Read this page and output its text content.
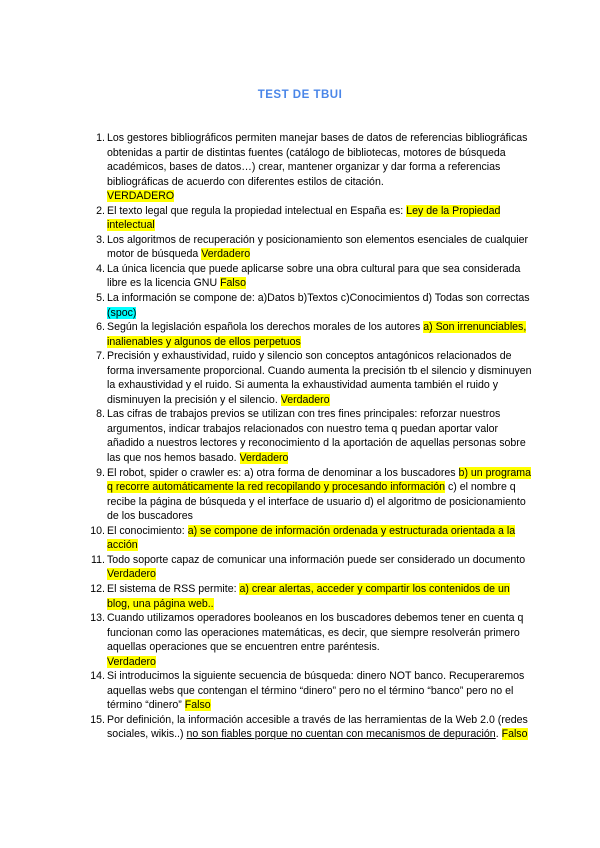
TEST DE TBUI
1. Los gestores bibliográficos permiten manejar bases de datos de referencias bibliográficas obtenidas a partir de distintas fuentes (catálogo de bibliotecas, motores de búsqueda académicos, bases de datos…) crear, mantener organizar y dar forma a referencias bibliográficas de acuerdo con diferentes estilos de citación.
VERDADERO
2. El texto legal que regula la propiedad intelectual en España es: Ley de la Propiedad intelectual
3. Los algoritmos de recuperación y posicionamiento son elementos esenciales de cualquier motor de búsqueda Verdadero
4. La única licencia que puede aplicarse sobre una obra cultural para que sea considerada libre es la licencia GNU Falso
5. La información se compone de: a)Datos b)Textos c)Conocimientos d) Todas son correctas (spoc)
6. Según la legislación española los derechos morales de los autores a) Son irrenunciables, inalienables y algunos de ellos perpetuos
7. Precisión y exhaustividad, ruido y silencio son conceptos antagónicos relacionados de forma inversamente proporcional. Cuando aumenta la precisión tb el silencio y disminuyen la exhaustividad y el ruido. Si aumenta la exhaustividad aumenta también el ruido y disminuyen la precisión y el silencio. Verdadero
8. Las cifras de trabajos previos se utilizan con tres fines principales: reforzar nuestros argumentos, indicar trabajos relacionados con nuestro tema q puedan aportar valor añadido a nuestros lectores y reconocimiento d la aportación de aquellas personas sobre las que nos hemos basado. Verdadero
9. El robot, spider o crawler es: a) otra forma de denominar a los buscadores b) un programa q recorre automáticamente la red recopilando y procesando información c) el nombre q recibe la página de búsqueda y el interface de usuario d) el algoritmo de posicionamiento de los buscadores
10. El conocimiento: a) se compone de información ordenada y estructurada orientada a la acción
11. Todo soporte capaz de comunicar una información puede ser considerado un documento Verdadero
12. El sistema de RSS permite: a) crear alertas, acceder y compartir los contenidos de un blog, una página web..
13. Cuando utilizamos operadores booleanos en los buscadores debemos tener en cuenta q funcionan como las operaciones matemáticas, es decir, que siempre resolverán primero aquellas operaciones que se encuentren entre paréntesis.
Verdadero
14. Si introducimos la siguiente secuencia de búsqueda: dinero NOT banco. Recuperaremos aquellas webs que contengan el término “dinero” pero no el término “banco” pero no el término “dinero” Falso
15. Por definición, la información accesible a través de las herramientas de la Web 2.0 (redes sociales, wikis..) no son fiables porque no cuentan con mecanismos de depuración. Falso
